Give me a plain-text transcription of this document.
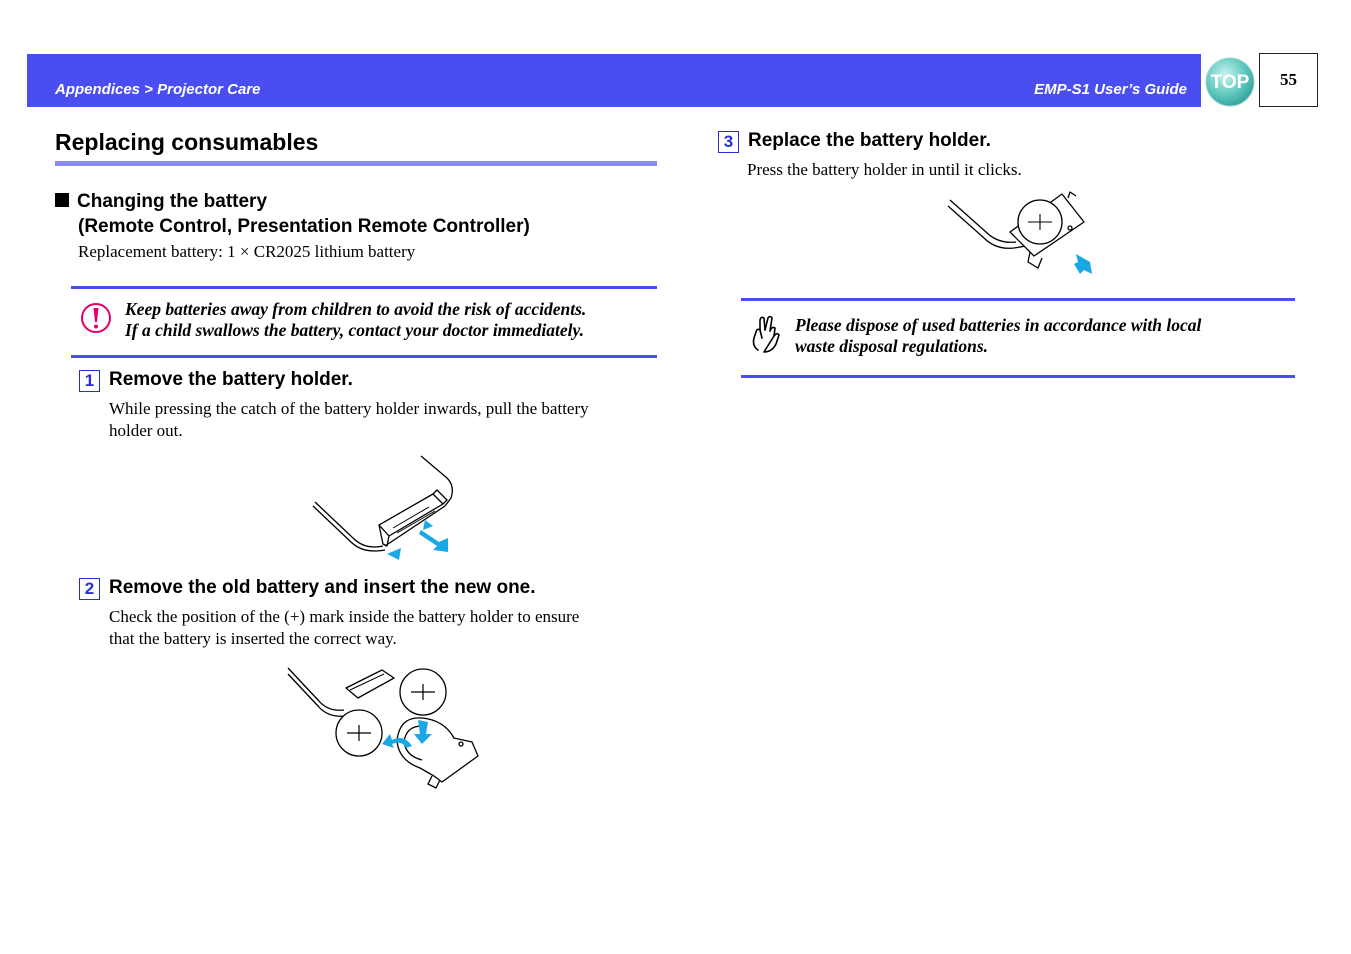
Appendices > Projector Care	EMP-S1 User’s Guide TOP 55
Replacing consumables
Changing the battery
(Remote Control, Presentation Remote Controller)
Replacement battery: 1 × CR2025 lithium battery
Keep batteries away from children to avoid the risk of accidents.
If a child swallows the battery, contact your doctor immediately.
1 Remove the battery holder.
While pressing the catch of the battery holder inwards, pull the battery
holder out.
2 Remove the old battery and insert the new one.
Check the position of the (+) mark inside the battery holder to ensure
that the battery is inserted the correct way.
3 Replace the battery holder.
Press the battery holder in until it clicks.
Please dispose of used batteries in accordance with local
waste disposal regulations.
